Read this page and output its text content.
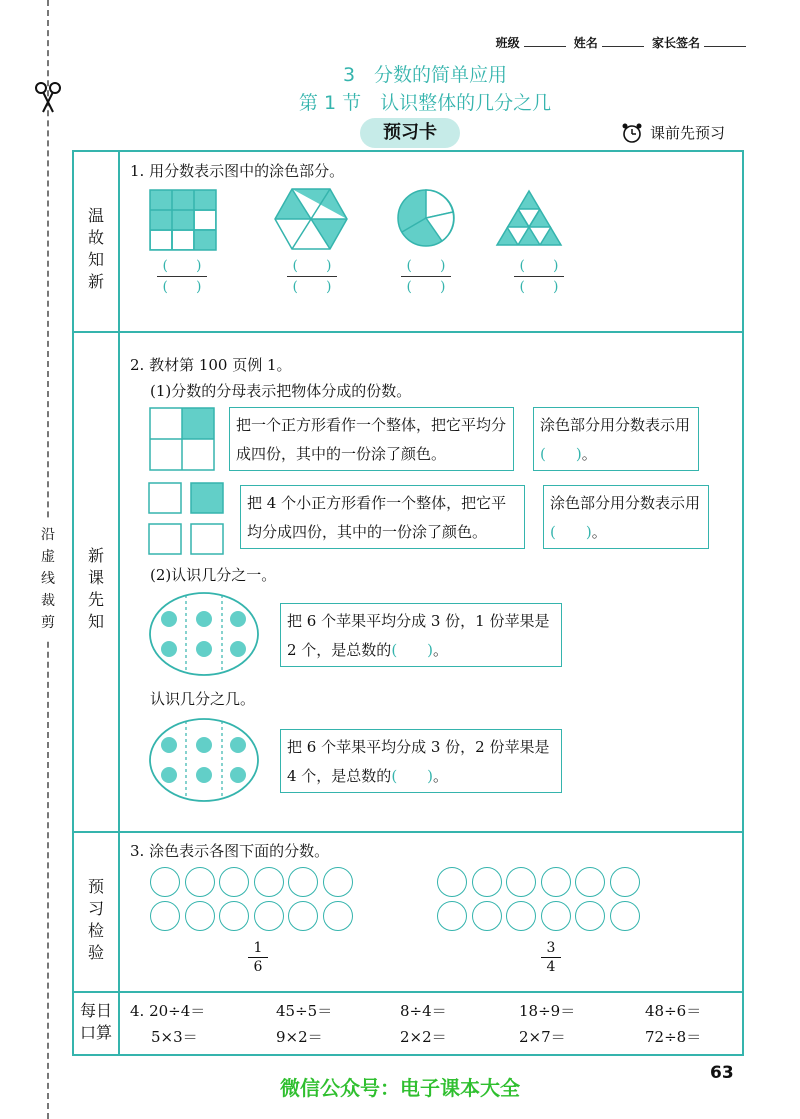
沿虚线裁剪
班级	姓名	家长签名
3　分数的简单应用
第 1 节　认识整体的几分之几
预习卡	课前先预习
温故知新
新课先知
预习检验
每日口算
1. 用分数表示图中的涂色部分。
(　　)
(　　)
(　　)
(　　)
(　　)
(　　)
(　　)
(　　)
2. 教材第 100 页例 1。
(1)分数的分母表示把物体分成的份数。
把一个正方形看作一个整体，把它平均分成四份，其中的一份涂了颜色。
涂色部分用分数表示用(　　)。
把 4 个小正方形看作一个整体，把它平均分成四份，其中的一份涂了颜色。
涂色部分用分数表示用(　　)。
(2)认识几分之一。
把 6 个苹果平均分成 3 份，1 份苹果是 2 个，是总数的(　　)。
认识几分之几。
把 6 个苹果平均分成 3 份，2 份苹果是 4 个，是总数的(　　)。
3. 涂色表示各图下面的分数。
1
6
3
4
4. 20÷4＝	45÷5＝	8÷4＝	18÷9＝	48÷6＝
5×3＝	9×2＝	2×2＝	2×7＝	72÷8＝
63
微信公众号：电子课本大全
